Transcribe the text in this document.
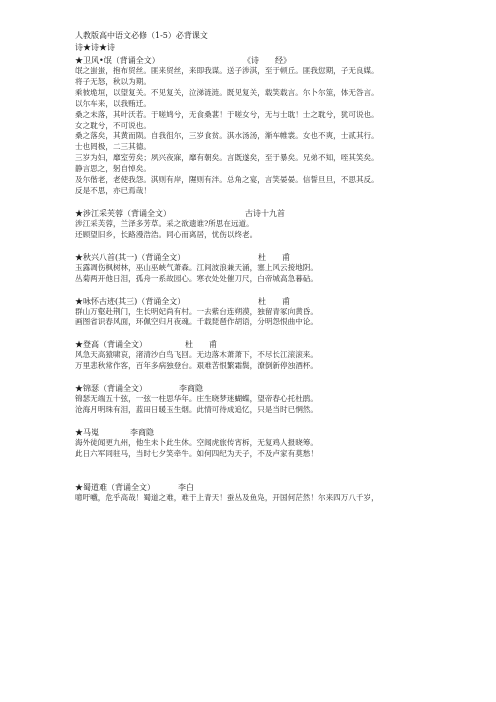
人教版高中语文必修（1-5）必背课文
诗★诗★诗
★卫风•氓（背诵全文）	《诗　　经》
氓之蚩蚩，抱布贸丝。匪来贸丝，来即我谋。送子涉淇，至于顿丘。匪我愆期，子无良媒。
将子无怒，秋以为期。
乘彼垝垣，以望复关。不见复关，泣涕涟涟。既见复关，载笑载言。尔卜尔筮，体无咎言。
以尔车来，以我贿迁。
桑之未落，其叶沃若。于嗟鸠兮，无食桑葚！于嗟女兮，无与士耽！士之耽兮，犹可说也。
女之耽兮，不可说也。
桑之落矣，其黄而陨。自我徂尔，三岁食贫。淇水汤汤，渐车帷裳。女也不爽，士贰其行。
士也罔极，二三其德。
三岁为妇，靡室劳矣；夙兴夜寐，靡有朝矣。言既遂矣，至于暴矣。兄弟不知，咥其笑矣。
静言思之，躬自悼矣。
及尔偕老，老使我怨。淇则有岸，隰则有泮。总角之宴，言笑晏晏。信誓旦旦，不思其反。
反是不思，亦已焉哉！
★涉江采芙蓉（背诵全文）	古诗十九首
涉江采芙蓉，兰泽多芳草。采之欲遗谁?所思在远道。
还顾望旧乡，长路漫浩浩。同心而离居，忧伤以终老。
★秋兴八首(其一)（背诵全文）	杜　　甫
玉露凋伤枫树林，巫山巫峡气萧森。江间波浪兼天涌，塞上风云接地阴。
丛菊两开他日泪，孤舟一系故园心。寒衣处处催刀尺，白帝城高急暮砧。
★咏怀古迹(其三)（背诵全文）	杜　　甫
群山万壑赴荆门，生长明妃尚有村。一去紫台连朔漠，独留青冢向黄昏。
画图省识春风面，环佩空归月夜魂。千载琵琶作胡语，分明怨恨曲中论。
★登高（背诵全文）	杜　　甫
风急天高猿啸哀，渚清沙白鸟飞回。无边落木萧萧下，不尽长江滚滚来。
万里悲秋常作客，百年多病独登台。艰难苦恨繁霜鬓，潦倒新停浊酒杯。
★锦瑟（背诵全文）	李商隐
锦瑟无端五十弦，一弦一柱思华年。庄生晓梦迷蝴蝶，望帝春心托杜鹃。
沧海月明珠有泪，蓝田日暖玉生烟。此情可待成追忆，只是当时已惘然。
★马嵬	李商隐
海外徒闻更九州，他生未卜此生休。空闻虎旅传宵柝，无复鸡人报晓筹。
此日六军同驻马，当时七夕笑牵牛。如何四纪为天子，不及卢家有莫愁！
★蜀道难（背诵全文）	李白
噫吁嚱，危乎高哉！蜀道之难，难于上青天！蚕丛及鱼凫，开国何茫然！尔来四万八千岁，
